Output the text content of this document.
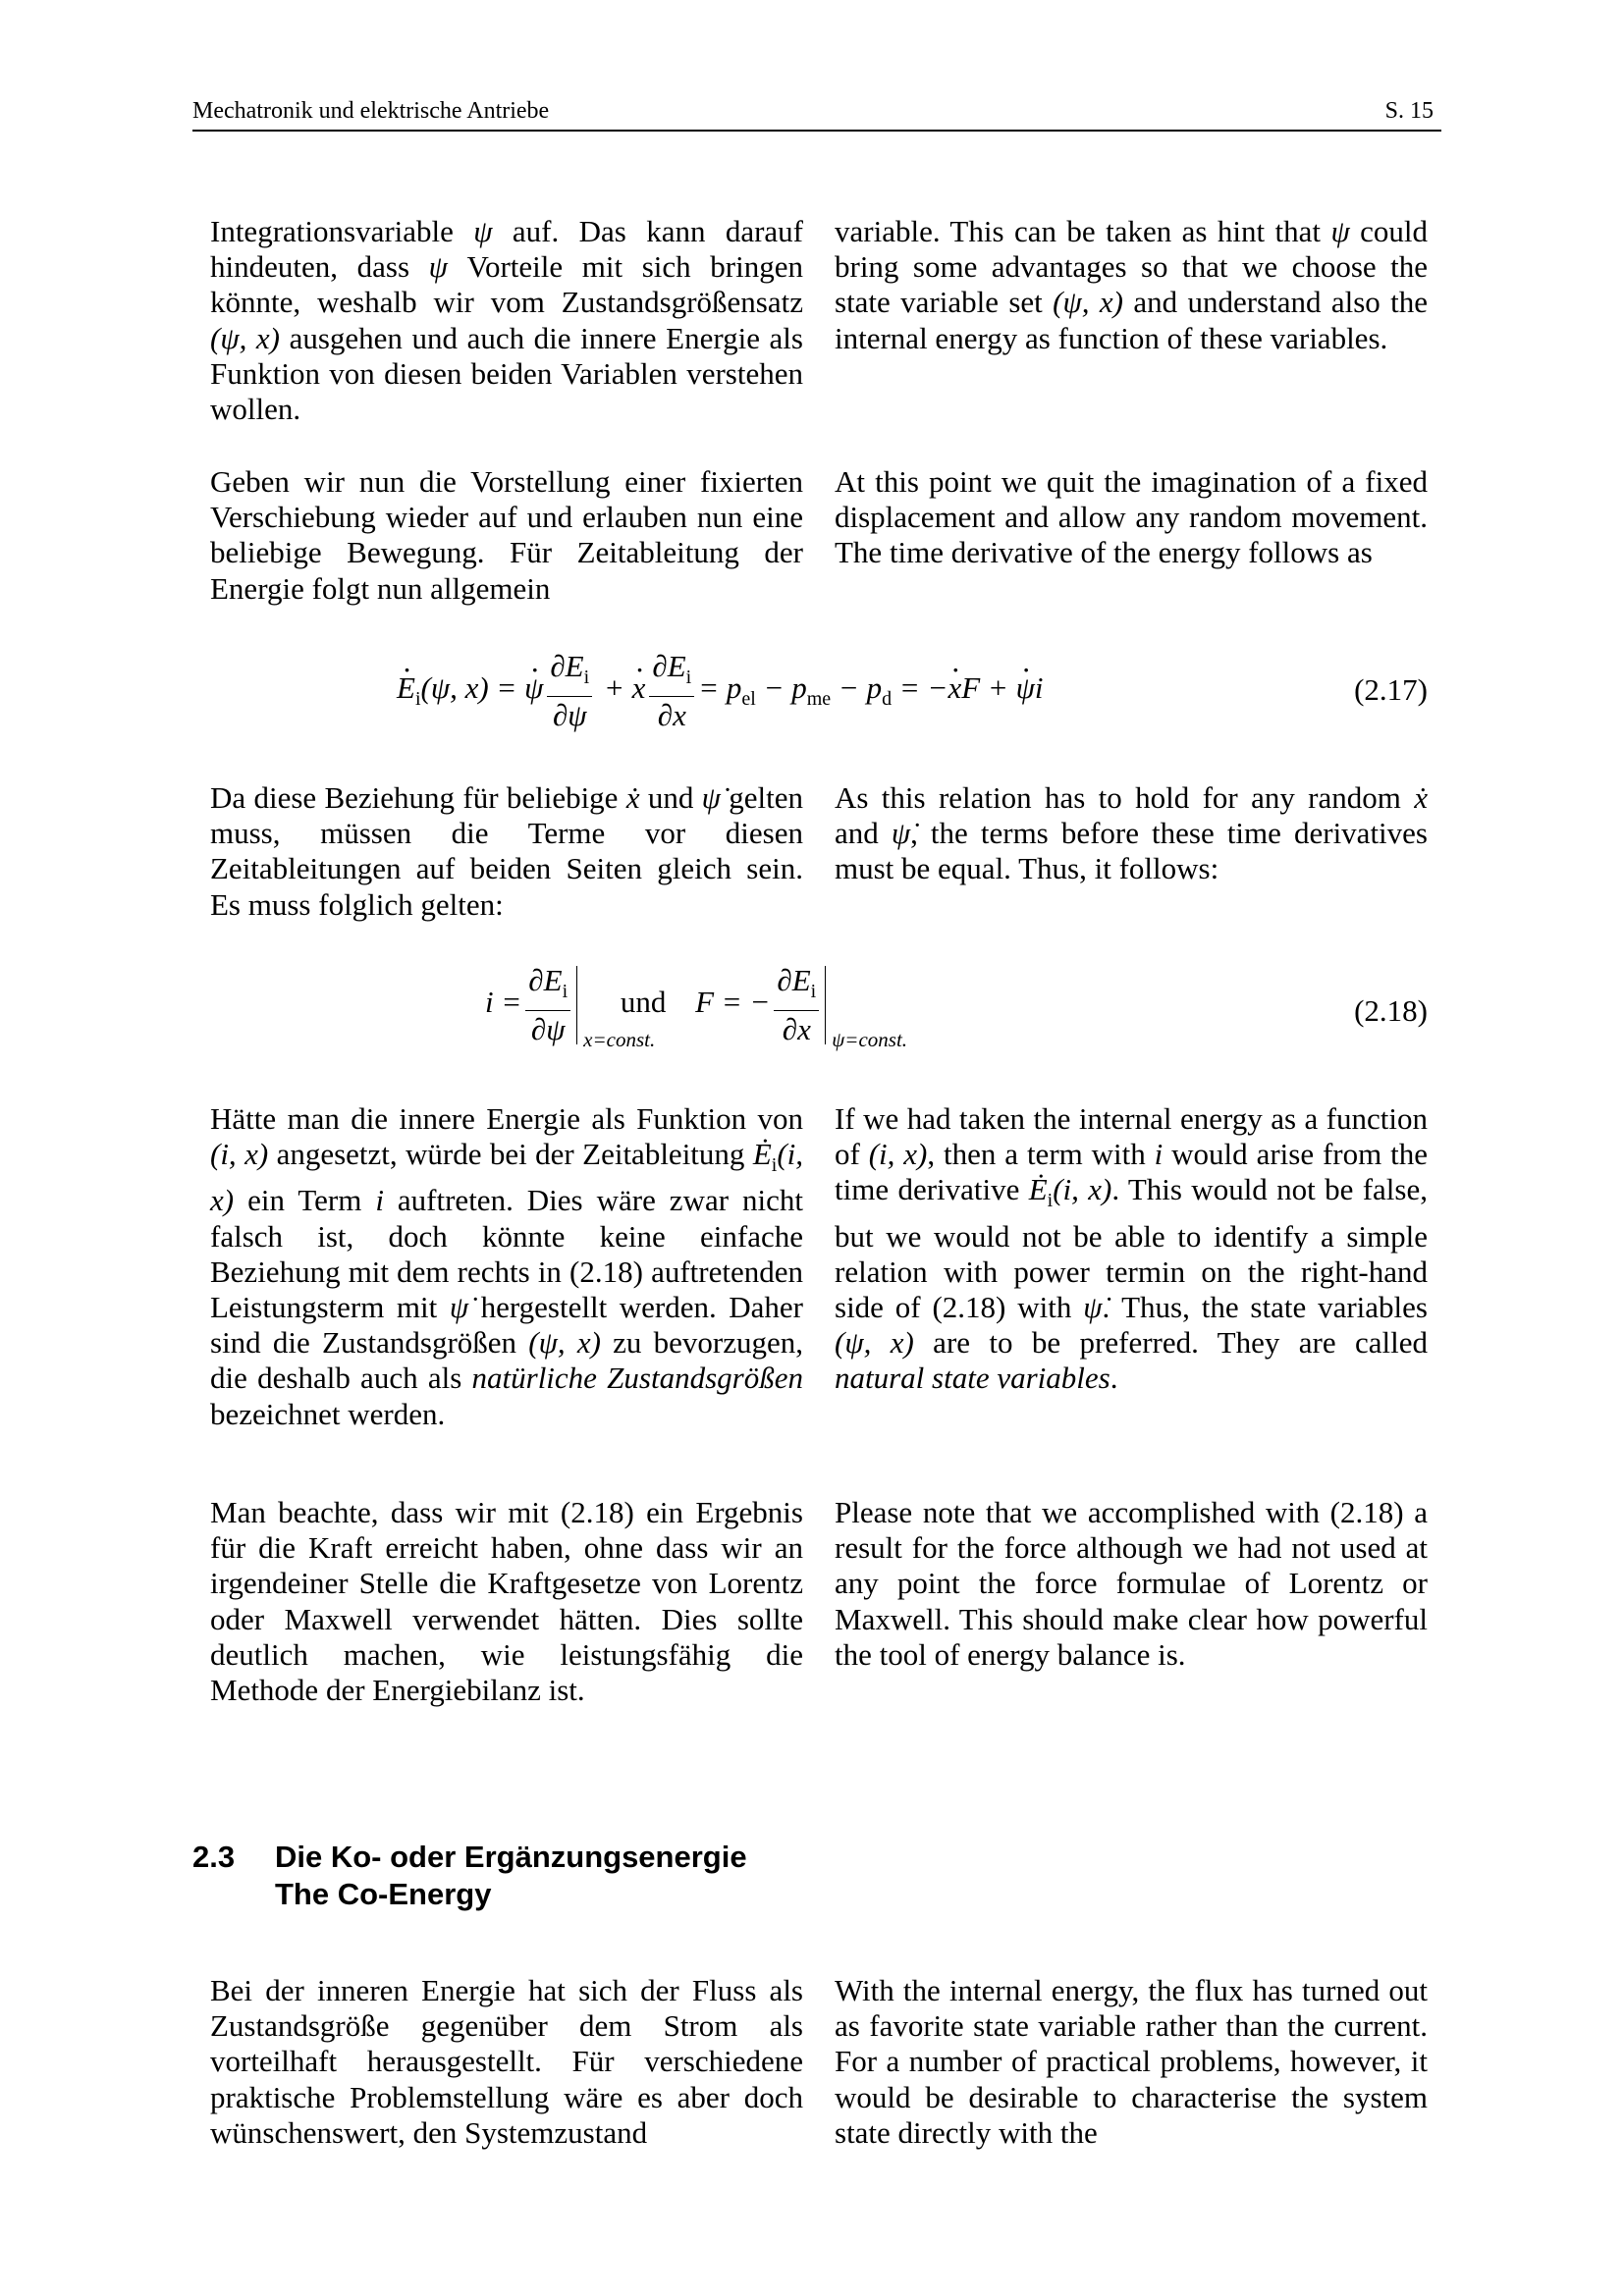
Mechatronik und elektrische Antriebe	S. 15
Integrationsvariable ψ auf. Das kann darauf hindeuten, dass ψ Vorteile mit sich bringen könnte, weshalb wir vom Zustandsgrößensatz (ψ, x) ausgehen und auch die innere Energie als Funktion von diesen beiden Variablen verstehen wollen.
variable. This can be taken as hint that ψ could bring some advantages so that we choose the state variable set (ψ, x) and understand also the internal energy as function of these variables.
Geben wir nun die Vorstellung einer fixierten Verschiebung wieder auf und erlauben nun eine beliebige Bewegung. Für Zeitableitung der Energie folgt nun allgemein
At this point we quit the imagination of a fixed displacement and allow any random movement. The time derivative of the energy follows as
· $E_i(\psi$, x) = · ψ $\frac{\partial E_i}{\partial\psi}$ + · x $\frac{\partial E_i}{\partial x} = p_{el} - p_{me} - p_d$ = −· xF + · ψi	(2.17)
Da diese Beziehung für beliebige ẋ und ψ̇ gelten muss, müssen die Terme vor diesen Zeitableitungen auf beiden Seiten gleich sein. Es muss folglich gelten:
As this relation has to hold for any random ẋ and ψ̇, the terms before these time derivatives must be equal. Thus, it follows:
$i = \frac{\partial E_i}{\partial\psi}$ x=const.
und F = − $\frac{\partial E_i}{\partial x}$ ψ=const.
(2.18)
Hätte man die innere Energie als Funktion von (i, x) angesetzt, würde bei der Zeitableitung $Ė_i(i$, x) ein Term i auftreten. Dies wäre zwar nicht falsch ist, doch könnte keine einfache Beziehung mit dem rechts in (2.18) auftretenden Leistungsterm mit ψ̇ hergestellt werden. Daher sind die Zustandsgrößen (ψ, x) zu bevorzugen, die deshalb auch als natürliche Zustandsgrößen bezeichnet werden.
If we had taken the internal energy as a function of (i, x), then a term with i would arise from the time derivative $Ė_i(i$, x). This would not be false, but we would not be able to identify a simple relation with power termin on the right-hand side of (2.18) with ψ̇. Thus, the state variables (ψ, x) are to be preferred. They are called natural state variables.
Man beachte, dass wir mit (2.18) ein Ergebnis für die Kraft erreicht haben, ohne dass wir an irgendeiner Stelle die Kraftgesetze von Lorentz oder Maxwell verwendet hätten. Dies sollte deutlich machen, wie leistungsfähig die Methode der Energiebilanz ist.
Please note that we accomplished with (2.18) a result for the force although we had not used at any point the force formulae of Lorentz or Maxwell. This should make clear how powerful the tool of energy balance is.
2.3 Die Ko- oder Ergänzungsenergie
The Co-Energy
Bei der inneren Energie hat sich der Fluss als Zustandsgröße gegenüber dem Strom als vorteilhaft herausgestellt. Für verschiedene praktische Problemstellung wäre es aber doch wünschenswert, den Systemzustand
With the internal energy, the flux has turned out as favorite state variable rather than the current. For a number of practical problems, however, it would be desirable to characterise the system state directly with the
